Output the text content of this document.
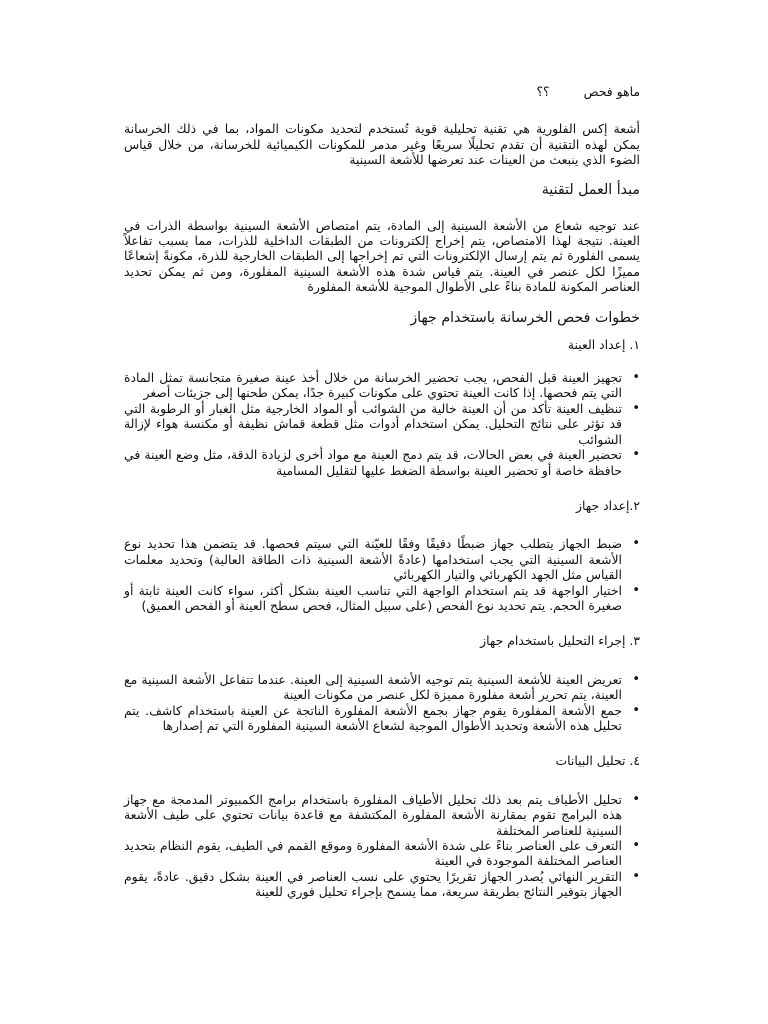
ماهو فحص؟؟

أشعة إكس الفلورية هي تقنية تحليلية قوية تُستخدم لتحديد مكونات المواد، بما في ذلك الخرسانة يمكن لهذه التقنية أن تقدم تحليلًا سريعًا وغير مدمر للمكونات الكيميائية للخرسانة، من خلال قياس الضوء الذي ينبعث من العينات عند تعرضها للأشعة السينية

مبدأ العمل لتقنية

عند توجيه شعاع من الأشعة السينية إلى المادة، يتم امتصاص الأشعة السينية بواسطة الذرات في العينة. نتيجة لهذا الامتصاص، يتم إخراج إلكترونات من الطبقات الداخلية للذرات، مما يسبب تفاعلاً يسمى الفلورة ثم يتم إرسال الإلكترونات التي تم إخراجها إلى الطبقات الخارجية للذرة، مكونةً إشعاعًا مميزًا لكل عنصر في العينة. يتم قياس شدة هذه الأشعة السينية المفلورة، ومن ثم يمكن تحديد العناصر المكونة للمادة بناءً على الأطوال الموجية للأشعة المفلورة

خطوات فحص الخرسانة باستخدام جهاز

١. إعداد العينة

•
تجهيز العينة قبل الفحص، يجب تحضير الخرسانة من خلال أخذ عينة صغيرة متجانسة تمثل المادة التي يتم فحصها. إذا كانت العينة تحتوي على مكونات كبيرة جدًا، يمكن طحنها إلى جزيئات أصغر
•
تنظيف العينة تأكد من أن العينة خالية من الشوائب أو المواد الخارجية مثل الغبار أو الرطوبة التي قد تؤثر على نتائج التحليل. يمكن استخدام أدوات مثل قطعة قماش نظيفة أو مكنسة هواء لإزالة الشوائب
•
تحضير العينة في بعض الحالات، قد يتم دمج العينة مع مواد أخرى لزيادة الدقة، مثل وضع العينة في حافظة خاصة أو تحضير العينة بواسطة الضغط عليها لتقليل المسامية

٢.إعداد جهاز

•
ضبط الجهاز يتطلب جهاز ضبطًا دقيقًا وفقًا للعيّنة التي سيتم فحصها. قد يتضمن هذا تحديد نوع الأشعة السينية التي يجب استخدامها (عادةً الأشعة السينية ذات الطاقة العالية) وتحديد معلمات القياس مثل الجهد الكهربائي والتيار الكهربائي
•
اختيار الواجهة قد يتم استخدام الواجهة التي تناسب العينة بشكل أكثر، سواء كانت العينة ثابتة أو صغيرة الحجم. يتم تحديد نوع الفحص (على سبيل المثال، فحص سطح العينة أو الفحص العميق)

٣. إجراء التحليل باستخدام جهاز

•
تعريض العينة للأشعة السينية يتم توجيه الأشعة السينية إلى العينة. عندما تتفاعل الأشعة السينية مع العينة، يتم تحرير أشعة مفلورة مميزة لكل عنصر من مكونات العينة
•
جمع الأشعة المفلورة يقوم جهاز بجمع الأشعة المفلورة الناتجة عن العينة باستخدام كاشف. يتم تحليل هذه الأشعة وتحديد الأطوال الموجية لشعاع الأشعة السينية المفلورة التي تم إصدارها

٤. تحليل البيانات

•
تحليل الأطياف يتم بعد ذلك تحليل الأطياف المفلورة باستخدام برامج الكمبيوتر المدمجة مع جهاز هذه البرامج تقوم بمقارنة الأشعة المفلورة المكتشفة مع قاعدة بيانات تحتوي على طيف الأشعة السينية للعناصر المختلفة
•
التعرف على العناصر بناءً على شدة الأشعة المفلورة وموقع القمم في الطيف، يقوم النظام بتحديد العناصر المختلفة الموجودة في العينة
•
التقرير النهائي يُصدر الجهاز تقريرًا يحتوي على نسب العناصر في العينة بشكل دقيق. عادةً، يقوم الجهاز بتوفير النتائج بطريقة سريعة، مما يسمح بإجراء تحليل فوري للعينة
